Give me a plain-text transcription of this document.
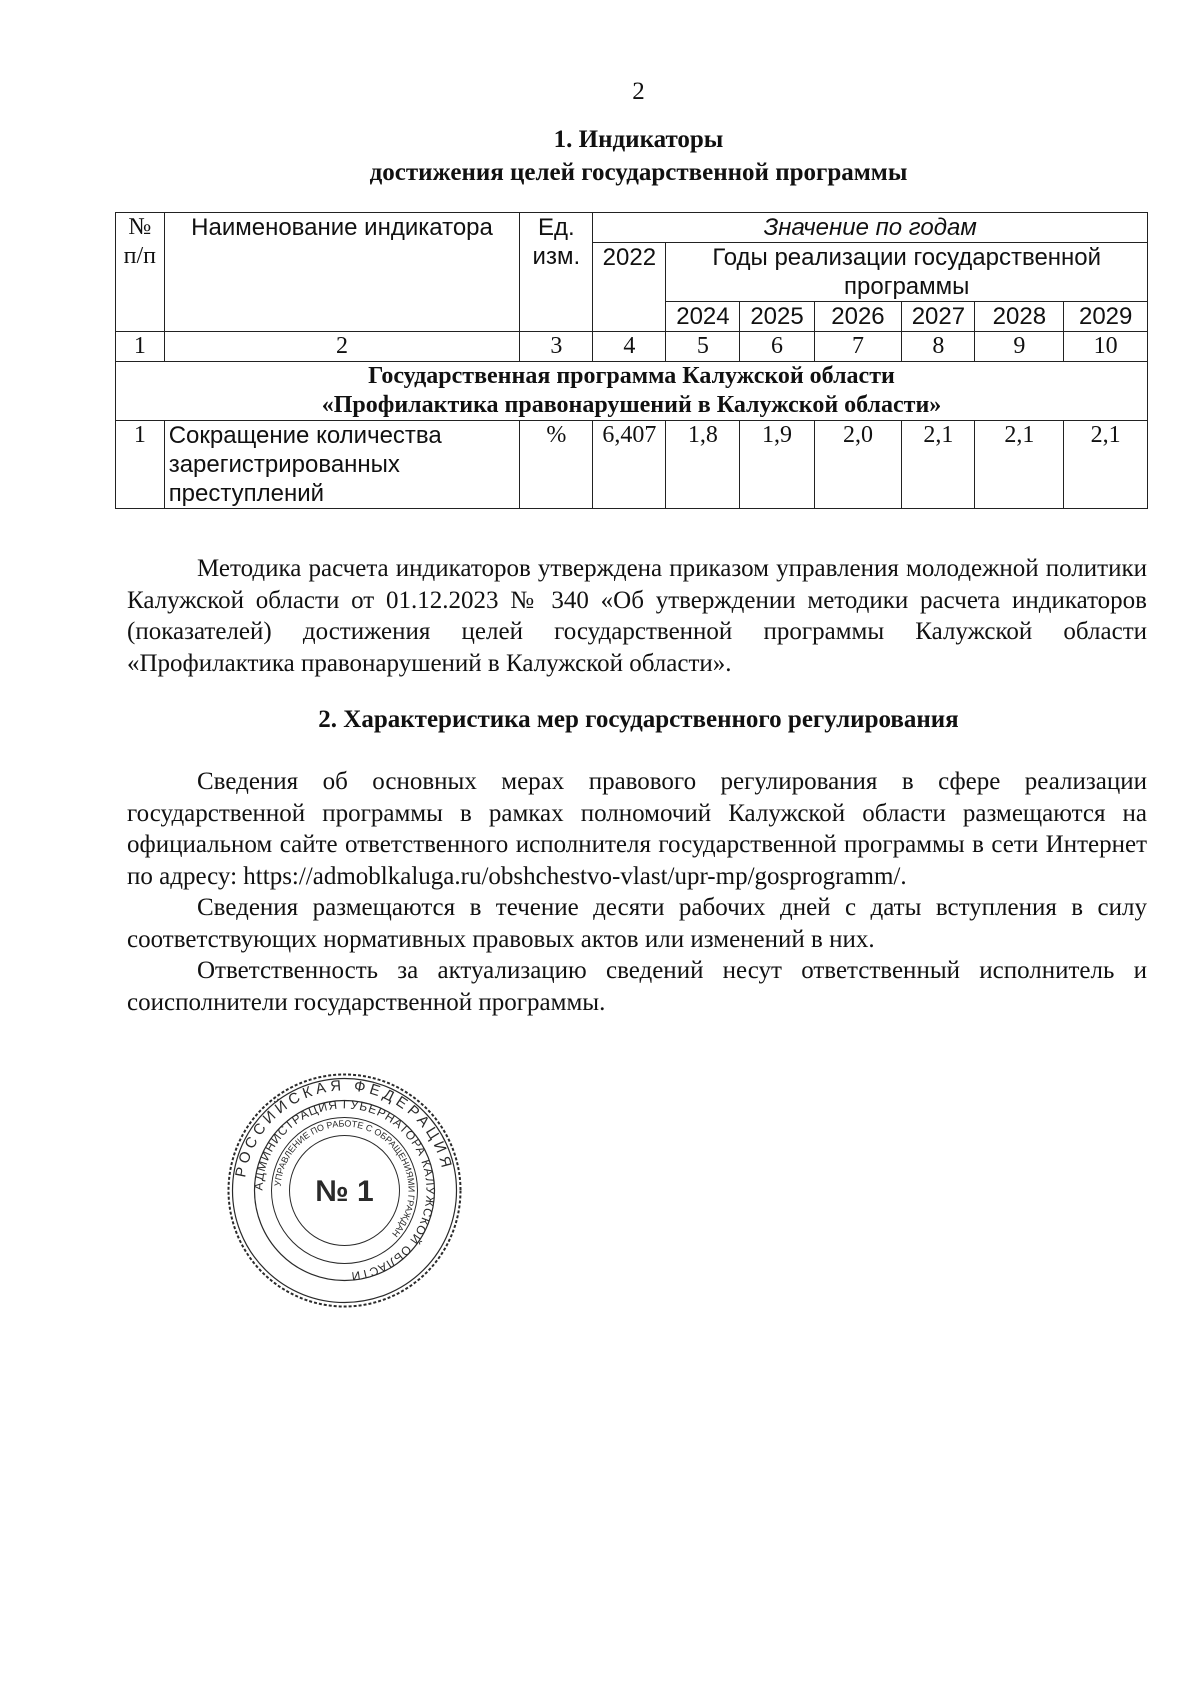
2
1. Индикаторы
достижения целей государственной программы
№ п/п	Наименование индикатора	Ед. изм.	Значение по годам						
			2022	Годы реализации государственной программы					
				2024	2025	2026	2027	2028	2029
1	2	3	4	5	6	7	8	9	10

Государственная программа Калужской области
«Профилактика правонарушений в Калужской области»									

1	Сокращение количества зарегистрированных преступлений	%	6,407	1,8	1,9	2,0	2,1	2,1	2,1

Методика расчета индикаторов утверждена приказом управления молодежной политики Калужской области от 01.12.2023 № 340 «Об утверждении методики расчета индикаторов (показателей) достижения целей государственной программы Калужской области «Профилактика правонарушений в Калужской области».

2. Характеристика мер государственного регулирования

Сведения об основных мерах правового регулирования в сфере реализации государственной программы в рамках полномочий Калужской области размещаются на официальном сайте ответственного исполнителя государственной программы в сети Интернет по адресу: https://admoblkaluga.ru/obshchestvo-vlast/upr-mp/gosprogramm/.

Сведения размещаются в течение десяти рабочих дней с даты вступления в силу соответствующих нормативных правовых актов или изменений в них.

Ответственность за актуализацию сведений несут ответственный исполнитель и соисполнители государственной программы.

РОССИЙСКАЯ ФЕДЕРАЦИЯ
АДМИНИСТРАЦИЯ ГУБЕРНАТОРА КАЛУЖСКОЙ ОБЛАСТИ
УПРАВЛЕНИЕ ПО РАБОТЕ С ОБРАЩЕНИЯМИ ГРАЖДАН
№ 1
